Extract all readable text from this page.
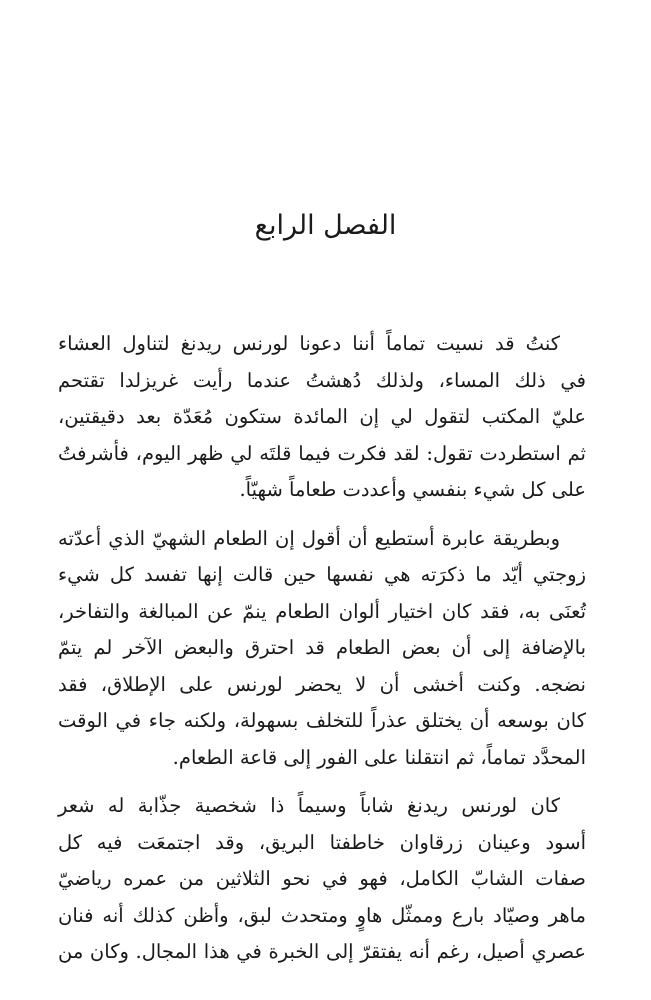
الفصل الرابع

كنتُ قد نسيت تماماً أننا دعونا لورنس ريدنغ لتناول العشاء
في ذلك المساء، ولذلك دُهشتُ عندما رأيت غريزلدا تقتحم
عليّ المكتب لتقول لي إن المائدة ستكون مُعَدّة بعد دقيقتين،
ثم استطردت تقول: لقد فكرت فيما قلتَه لي ظهر اليوم، فأشرفتُ
على كل شيء بنفسي وأعددت طعاماً شهيّاً.

وبطريقة عابرة أستطيع أن أقول إن الطعام الشهيّ الذي أعدّته
زوجتي أيّد ما ذكرَته هي نفسها حين قالت إنها تفسد كل شيء
تُعنَى به، فقد كان اختيار ألوان الطعام ينمّ عن المبالغة والتفاخر،
بالإضافة إلى أن بعض الطعام قد احترق والبعض الآخر لم يتمّ
نضجه. وكنت أخشى أن لا يحضر لورنس على الإطلاق، فقد
كان بوسعه أن يختلق عذراً للتخلف بسهولة، ولكنه جاء في الوقت
المحدَّد تماماً، ثم انتقلنا على الفور إلى قاعة الطعام.

كان لورنس ريدنغ شاباً وسيماً ذا شخصية جذّابة له شعر
أسود وعينان زرقاوان خاطفتا البريق، وقد اجتمعَت فيه كل
صفات الشابّ الكامل، فهو في نحو الثلاثين من عمره رياضيّ
ماهر وصيّاد بارع وممثّل هاوٍ ومتحدث لبق، وأظن كذلك أنه فنان
عصري أصيل، رغم أنه يفتقرّ إلى الخبرة في هذا المجال. وكان من
